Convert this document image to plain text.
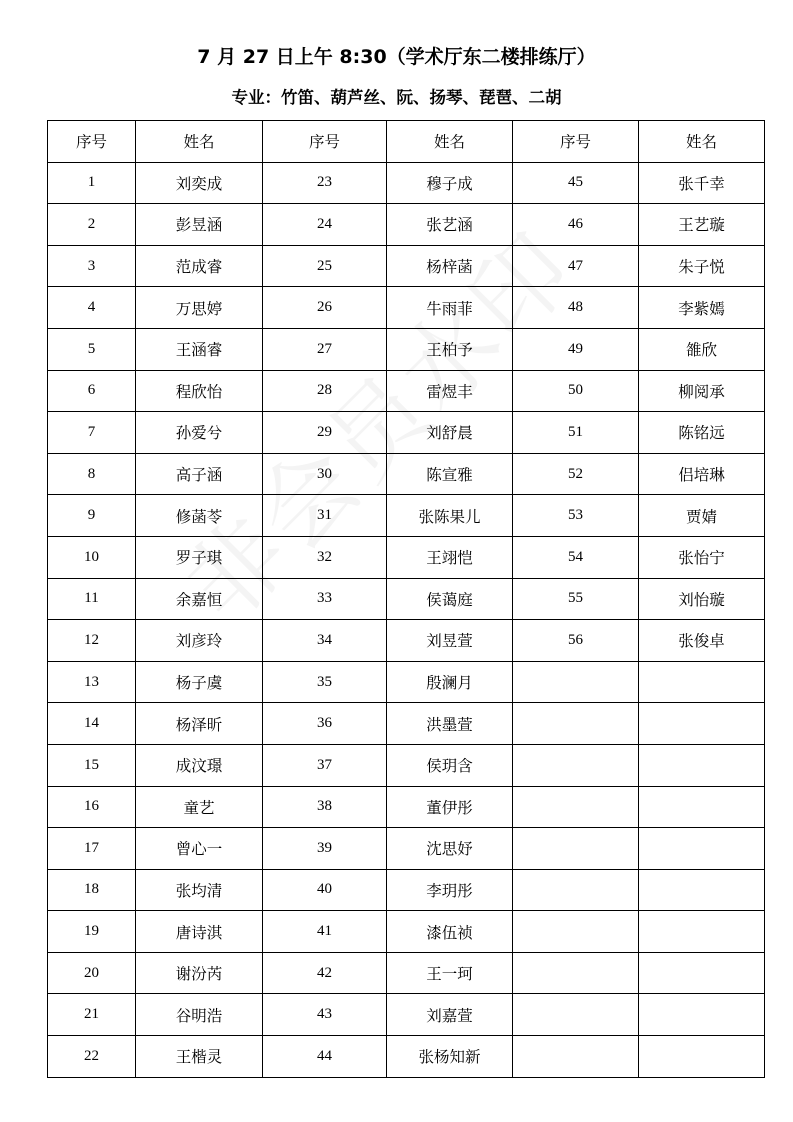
7 月 27 日上午 8:30（学术厅东二楼排练厅）
专业：竹笛、葫芦丝、阮、扬琴、琵琶、二胡
序号	姓名	序号	姓名	序号	姓名
1	刘奕成	23	穆子成	45	张千幸
2	彭昱涵	24	张艺涵	46	王艺璇
3	范成睿	25	杨梓菡	47	朱子悦
4	万思婷	26	牛雨菲	48	李紫嫣
5	王涵睿	27	王柏予	49	雒欣
6	程欣怡	28	雷煜丰	50	柳阅承
7	孙爱兮	29	刘舒晨	51	陈铭远
8	高子涵	30	陈宣雅	52	侣培琳
9	修菡苓	31	张陈果儿	53	贾婧
10	罗子琪	32	王翊恺	54	张怡宁
11	余嘉恒	33	侯蔼庭	55	刘怡璇
12	刘彦玲	34	刘昱萱	56	张俊卓
13	杨子虞	35	殷澜月		
14	杨泽昕	36	洪墨萱		
15	成汶璟	37	侯玥含		
16	童艺	38	董伊彤		
17	曾心一	39	沈思妤		
18	张均清	40	李玥彤		
19	唐诗淇	41	漆伍祯		
20	谢汾芮	42	王一珂		
21	谷明浩	43	刘嘉萱		
22	王楷灵	44	张杨知新		
